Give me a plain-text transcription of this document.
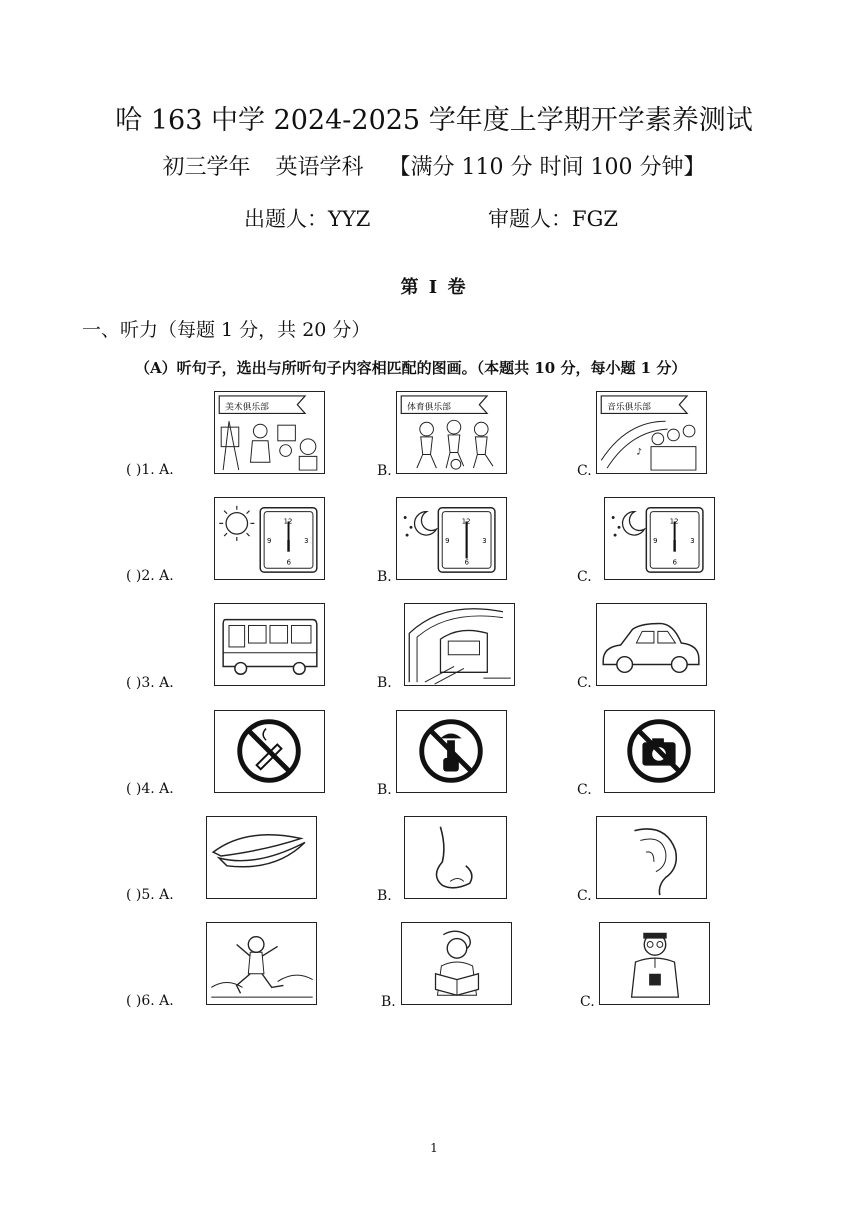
哈 163 中学 2024-2025 学年度上学期开学素养测试
初三学年 英语学科 【满分 110 分 时间 100 分钟】
出题人：YYZ	审题人：FGZ
第 I 卷
一、听力（每题 1 分，共 20 分）
（A）听句子，选出与所听句子内容相匹配的图画。（本题共 10 分，每小题 1 分）
( )1. A.	B.	C.
美术俱乐部	体育俱乐部	音乐俱乐部
♪
( )2. A.	B.	C.
12
3
6
9
12
3
6
9
12
3
6
9
( )3. A.	B.	C.
( )4. A.	B.	C.
( )5. A.	B.	C.
( )6. A.	B.	C.
1
